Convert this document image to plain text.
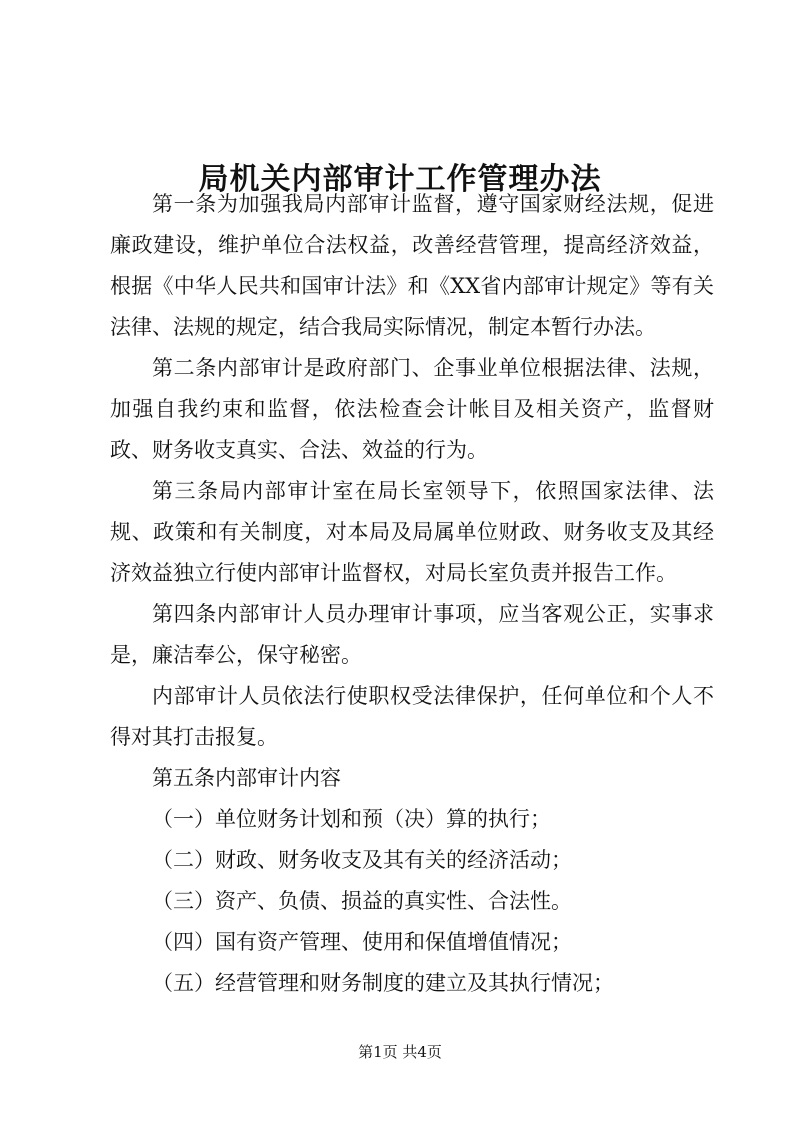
局机关内部审计工作管理办法

第一条为加强我局内部审计监督，遵守国家财经法规，促进廉政建设，维护单位合法权益，改善经营管理，提高经济效益，根据《中华人民共和国审计法》和《XX省内部审计规定》等有关法律、法规的规定，结合我局实际情况，制定本暂行办法。

第二条内部审计是政府部门、企事业单位根据法律、法规，加强自我约束和监督，依法检查会计帐目及相关资产，监督财政、财务收支真实、合法、效益的行为。

第三条局内部审计室在局长室领导下，依照国家法律、法规、政策和有关制度，对本局及局属单位财政、财务收支及其经济效益独立行使内部审计监督权，对局长室负责并报告工作。

第四条内部审计人员办理审计事项，应当客观公正，实事求是，廉洁奉公，保守秘密。

内部审计人员依法行使职权受法律保护，任何单位和个人不得对其打击报复。

第五条内部审计内容

（一）单位财务计划和预（决）算的执行；
（二）财政、财务收支及其有关的经济活动；
（三）资产、负债、损益的真实性、合法性。
（四）国有资产管理、使用和保值增值情况；
（五）经营管理和财务制度的建立及其执行情况；
第1页 共4页
